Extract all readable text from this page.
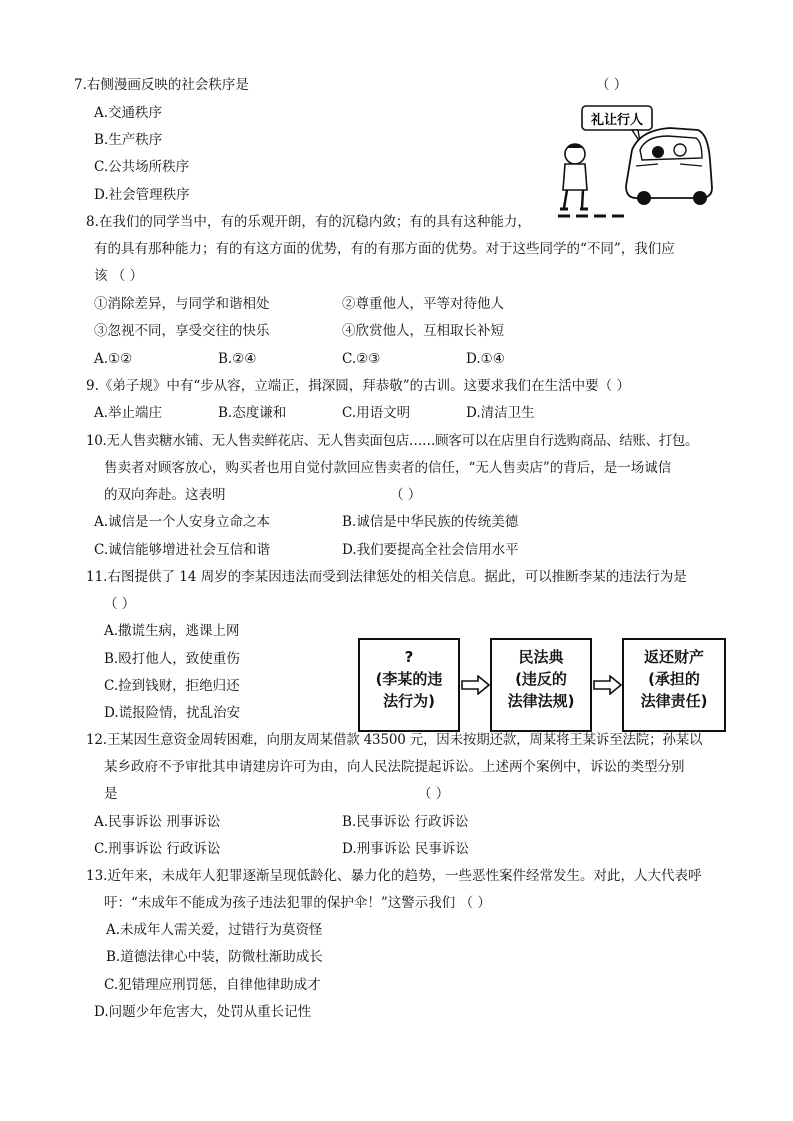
7.右侧漫画反映的社会秩序是	（ ）
A.交通秩序
B.生产秩序
C.公共场所秩序
D.社会管理秩序
礼让行人
8.在我们的同学当中，有的乐观开朗，有的沉稳内敛；有的具有这种能力，
有的具有那种能力；有的有这方面的优势，有的有那方面的优势。对于这些同学的“不同”，我们应
该 （ ）
①消除差异，与同学和谐相处	②尊重他人，平等对待他人
③忽视不同，享受交往的快乐	④欣赏他人，互相取长补短
A.①②	B.②④	C.②③	D.①④
9.《弟子规》中有“步从容，立端正，揖深圆，拜恭敬”的古训。这要求我们在生活中要（ ）
A.举止端庄	B.态度谦和	C.用语文明	D.清洁卫生
10.无人售卖糖水铺、无人售卖鲜花店、无人售卖面包店……顾客可以在店里自行选购商品、结账、打包。
售卖者对顾客放心，购买者也用自觉付款回应售卖者的信任，“无人售卖店”的背后，是一场诚信
的双向奔赴。这表明	（ ）
A.诚信是一个人安身立命之本	B.诚信是中华民族的传统美德
C.诚信能够增进社会互信和谐	D.我们要提高全社会信用水平
11.右图提供了 14 周岁的李某因违法而受到法律惩处的相关信息。据此，可以推断李某的违法行为是
（ ）
A.撒谎生病，逃课上网
B.殴打他人，致使重伤
C.捡到钱财，拒绝归还
D.谎报险情，扰乱治安
?
(李某的违
法行为)
民法典
(违反的
法律法规)
返还财产
(承担的
法律责任)
12.王某因生意资金周转困难，向朋友周某借款 43500 元，因未按期还款，周某将王某诉至法院；孙某以
某乡政府不予审批其申请建房许可为由，向人民法院提起诉讼。上述两个案例中，诉讼的类型分别
是	（ ）
A.民事诉讼 刑事诉讼	B.民事诉讼 行政诉讼
C.刑事诉讼 行政诉讼	D.刑事诉讼 民事诉讼
13.近年来，未成年人犯罪逐渐呈现低龄化、暴力化的趋势，一些恶性案件经常发生。对此，人大代表呼
吁：“未成年不能成为孩子违法犯罪的保护伞！”这警示我们 （ ）
A.未成年人需关爱，过错行为莫资怪
B.道德法律心中装，防微杜渐助成长
C.犯错理应刑罚惩，自律他律助成才
D.问题少年危害大，处罚从重长记性
